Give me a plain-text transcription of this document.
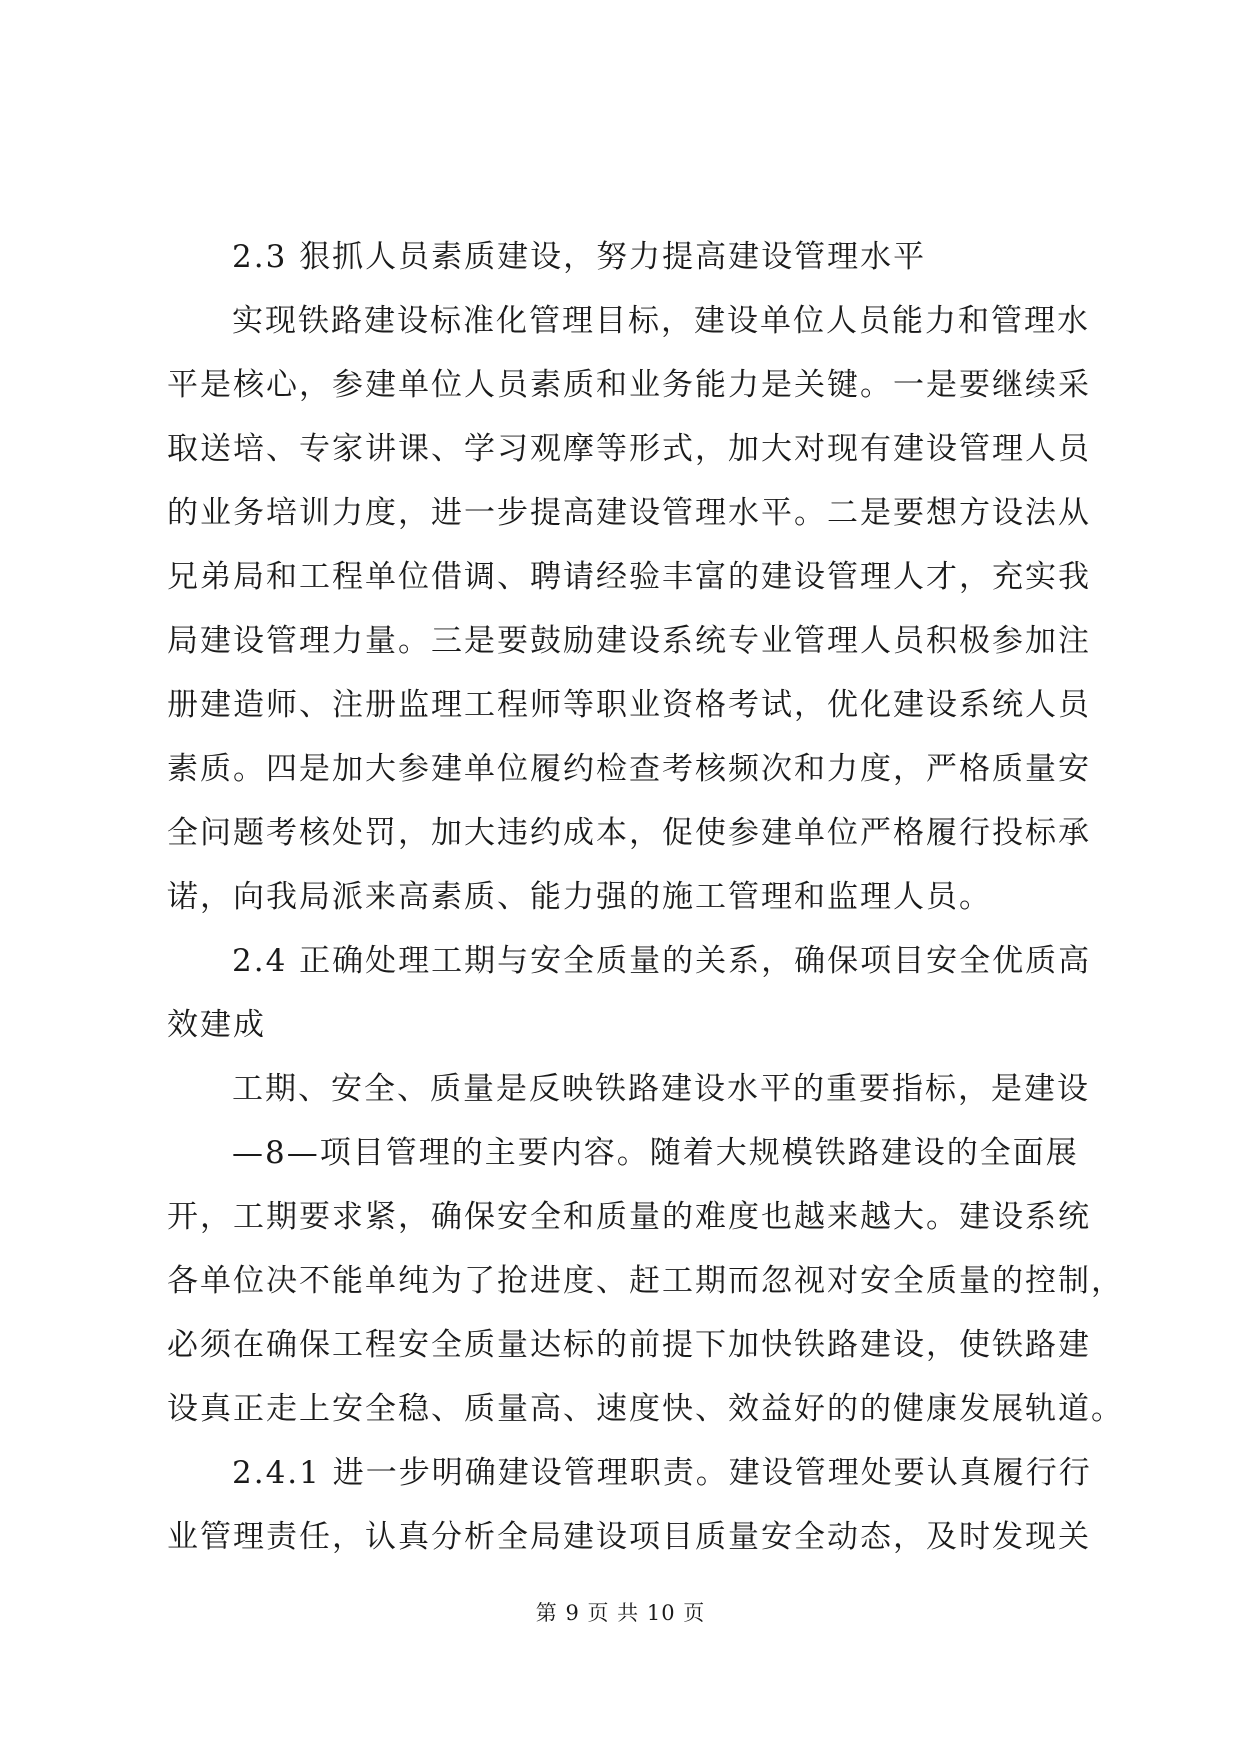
2.3 狠抓人员素质建设，努力提高建设管理水平
实现铁路建设标准化管理目标，建设单位人员能力和管理水
平是核心，参建单位人员素质和业务能力是关键。一是要继续采
取送培、专家讲课、学习观摩等形式，加大对现有建设管理人员
的业务培训力度，进一步提高建设管理水平。二是要想方设法从
兄弟局和工程单位借调、聘请经验丰富的建设管理人才，充实我
局建设管理力量。三是要鼓励建设系统专业管理人员积极参加注
册建造师、注册监理工程师等职业资格考试，优化建设系统人员
素质。四是加大参建单位履约检查考核频次和力度，严格质量安
全问题考核处罚，加大违约成本，促使参建单位严格履行投标承
诺，向我局派来高素质、能力强的施工管理和监理人员。
2.4 正确处理工期与安全质量的关系，确保项目安全优质高
效建成
工期、安全、质量是反映铁路建设水平的重要指标，是建设
—8—项目管理的主要内容。随着大规模铁路建设的全面展
开，工期要求紧，确保安全和质量的难度也越来越大。建设系统
各单位决不能单纯为了抢进度、赶工期而忽视对安全质量的控制，
必须在确保工程安全质量达标的前提下加快铁路建设，使铁路建
设真正走上安全稳、质量高、速度快、效益好的的健康发展轨道。
2.4.1 进一步明确建设管理职责。建设管理处要认真履行行
业管理责任，认真分析全局建设项目质量安全动态，及时发现关
第 9 页 共 10 页
